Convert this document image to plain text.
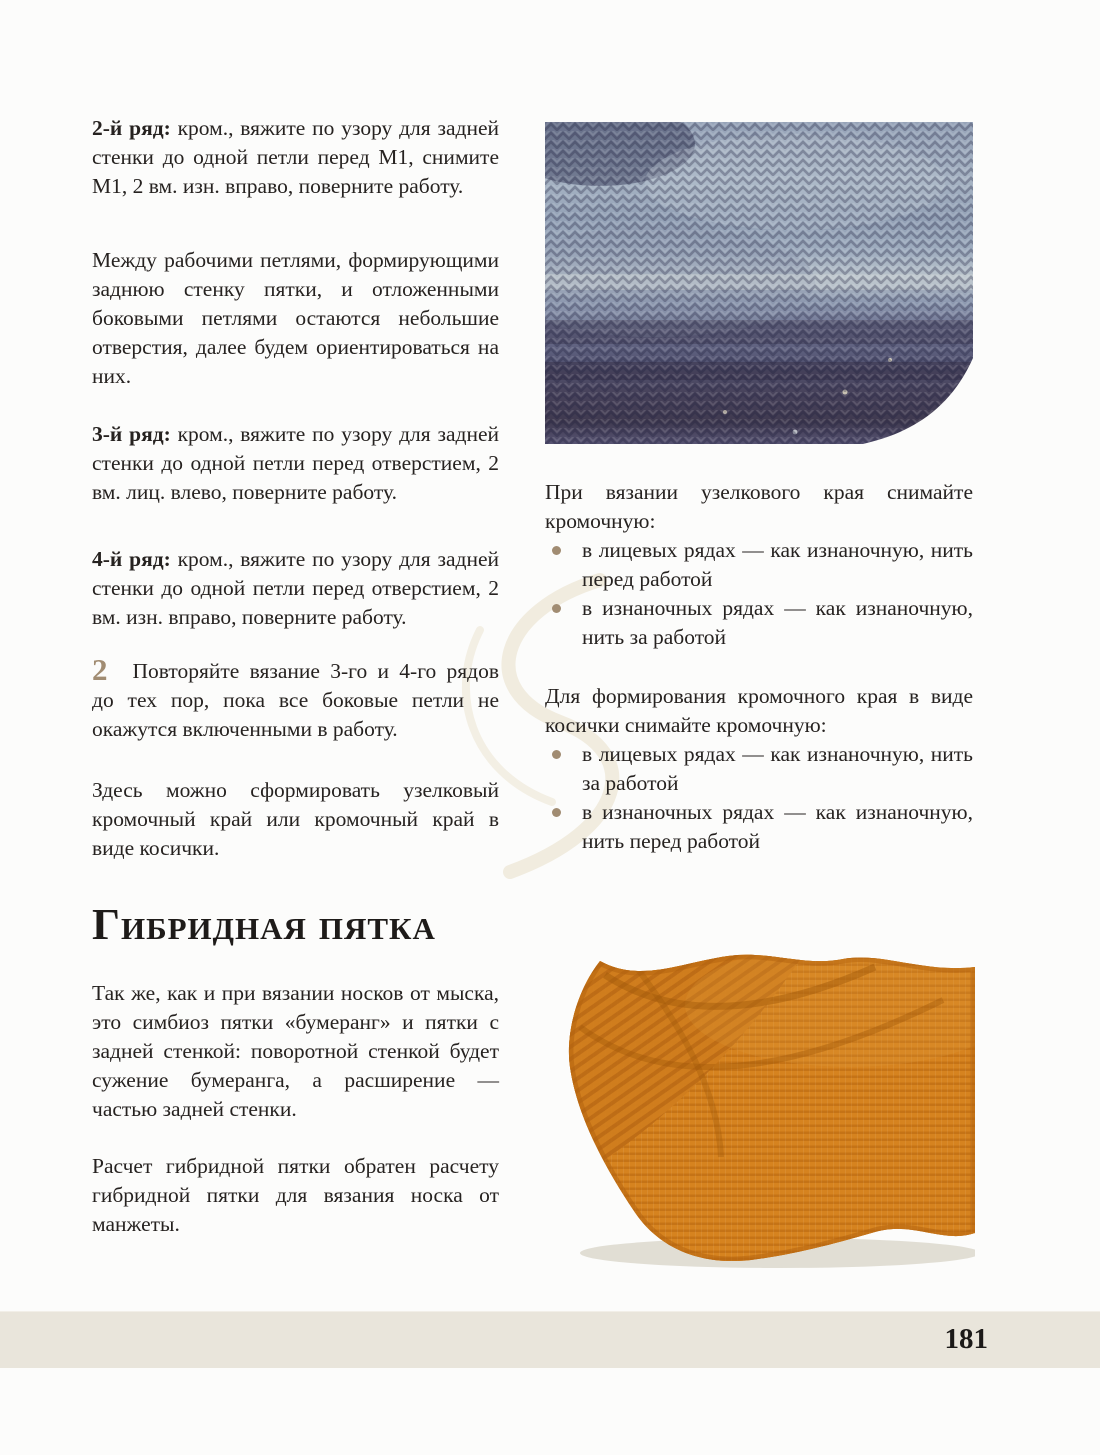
2-й ряд: кром., вяжите по узору для задней стенки до одной петли перед М1, снимите М1, 2 вм. изн. вправо, поверните работу.

Между рабочими петлями, формирующими заднюю стенку пятки, и отложенными боковыми петлями остаются небольшие отверстия, далее будем ориентироваться на них.

3-й ряд: кром., вяжите по узору для задней стенки до одной петли перед отверстием, 2 вм. лиц. влево, поверните работу.

4-й ряд: кром., вяжите по узору для задней стенки до одной петли перед отверстием, 2 вм. изн. вправо, поверните работу.

2 Повторяйте вязание 3-го и 4-го рядов до тех пор, пока все боковые петли не окажутся включенными в работу.

Здесь можно сформировать узелковый кромочный край или кромочный край в виде косички.

Гибридная пятка

Так же, как и при вязании носков от мыска, это симбиоз пятки «бумеранг» и пятки с задней стенкой: поворотной стенкой будет сужение бумеранга, а расширение — частью задней стенки.

Расчет гибридной пятки обратен расчету гибридной пятки для вязания носка от манжеты.

При вязании узелкового края снимайте кромочную:

в лицевых рядах — как изнаночную, нить перед работой
в изнаночных рядах — как изнаночную, нить за работой

Для формирования кромочного края в виде косички снимайте кромочную:

в лицевых рядах — как изнаночную, нить за работой
в изнаночных рядах — как изнаночную, нить перед работой
181
